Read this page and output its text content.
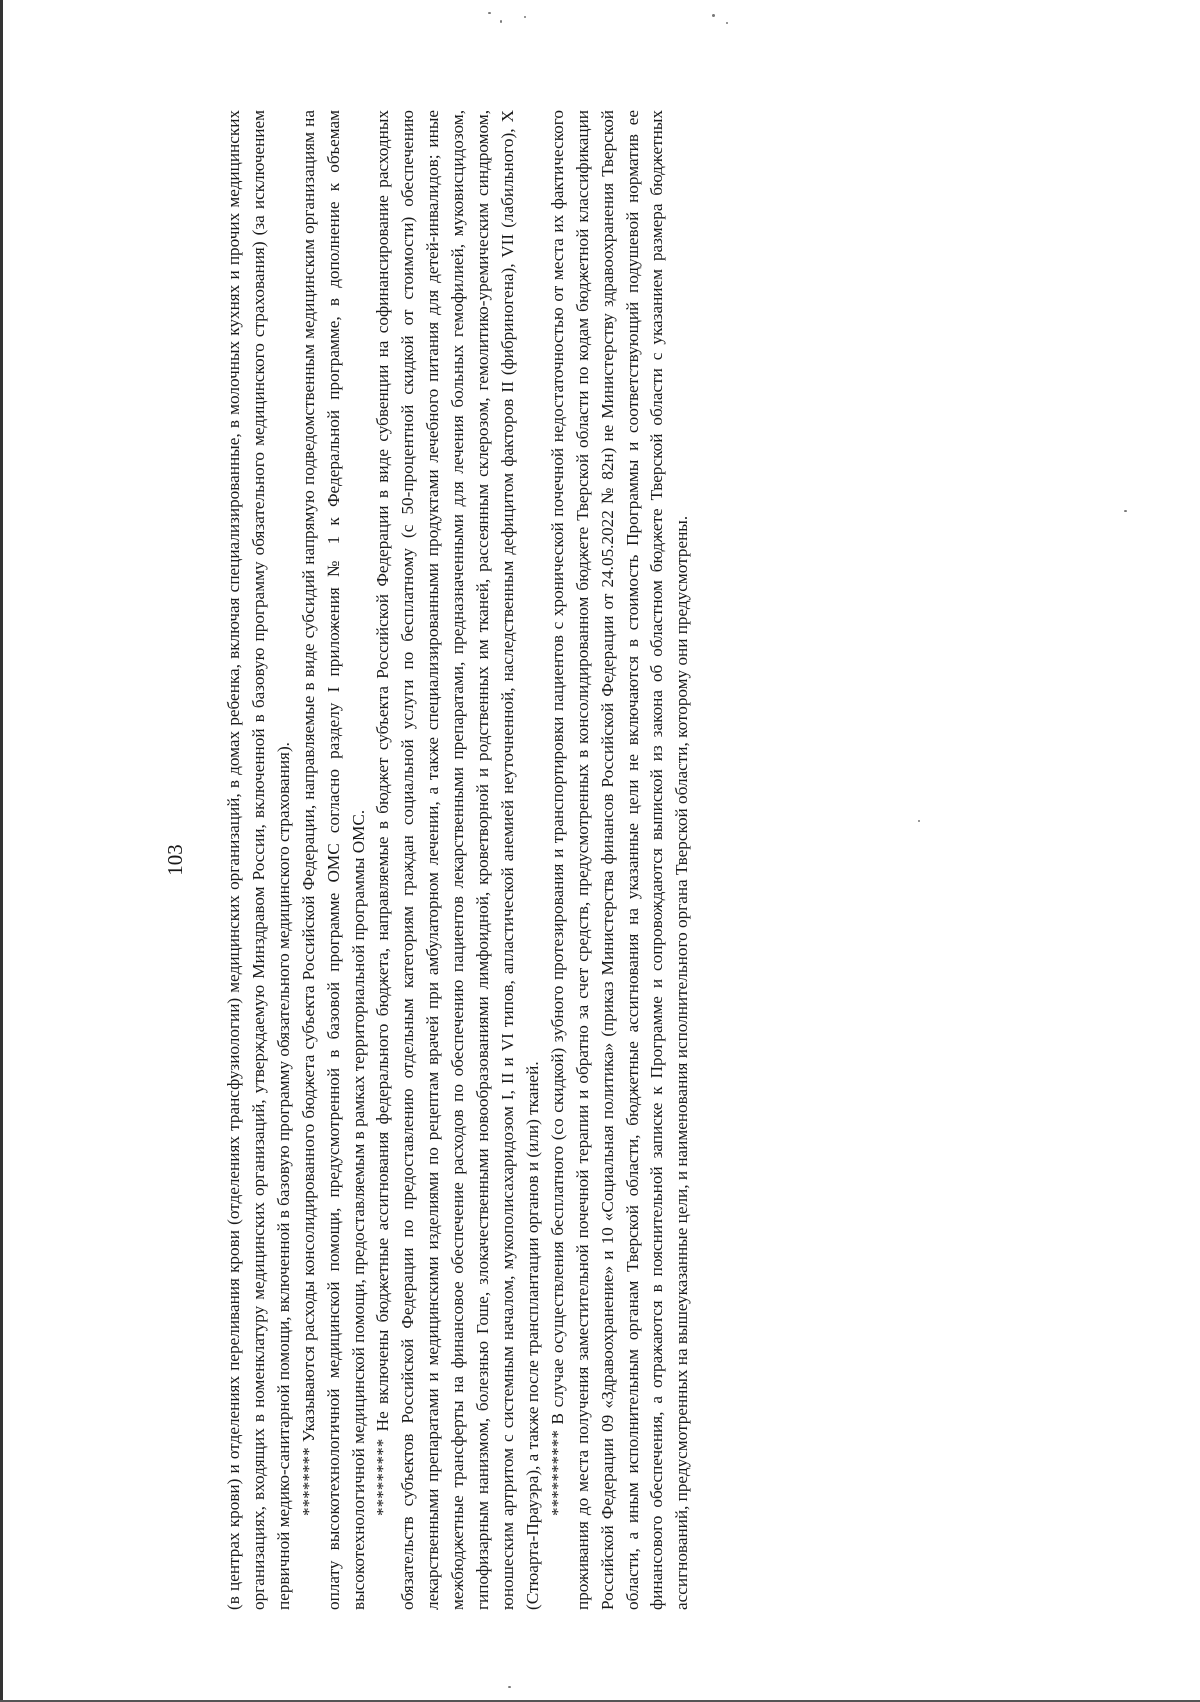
103 (в центрах крови) и отделениях переливания крови (отделениях трансфузиологии) медицинских организаций, в домах ребенка, включая специализированные, в молочных кухнях и прочих медицинских организациях, входящих в номенклатуру медицинских организаций, утверждаемую Минздравом России, включенной в базовую программу обязательного медицинского страхования) (за исключением первичной медико-санитарной помощи, включенной в базовую программу обязательного медицинского страхования). ******** Указываются расходы консолидированного бюджета субъекта Российской Федерации, направляемые в виде субсидий напрямую подведомственным медицинским организациям на оплату высокотехнологичной медицинской помощи, предусмотренной в базовой программе ОМС согласно разделу I приложения № 1 к Федеральной программе, в дополнение к объемам высокотехнологичной медицинской помощи, предоставляемым в рамках территориальной программы ОМС. ********* Не включены бюджетные ассигнования федерального бюджета, направляемые в бюджет субъекта Российской Федерации в виде субвенции на софинансирование расходных обязательств субъектов Российской Федерации по предоставлению отдельным категориям граждан социальной услуги по бесплатному (с 50-процентной скидкой от стоимости) обеспечению лекарственными препаратами и медицинскими изделиями по рецептам врачей при амбулаторном лечении, а также специализированными продуктами лечебного питания для детей-инвалидов; иные межбюджетные трансферты на финансовое обеспечение расходов по обеспечению пациентов лекарственными препаратами, предназначенными для лечения больных гемофилией, муковисцидозом, гипофизарным нанизмом, болезнью Гоше, злокачественными новообразованиями лимфоидной, кроветворной и родственных им тканей, рассеянным склерозом, гемолитико-уремическим синдромом, юношеским артритом с системным началом, мукополисахаридозом I, II и VI типов, апластической анемией неуточненной, наследственным дефицитом факторов II (фибриногена), VII (лабильного), X (Стюарта-Прауэра), а также после трансплантации органов и (или) тканей. ********** В случае осуществления бесплатного (со скидкой) зубного протезирования и транспортировки пациентов с хронической почечной недостаточностью от места их фактического проживания до места получения заместительной почечной терапии и обратно за счет средств, предусмотренных в консолидированном бюджете Тверской области по кодам бюджетной классификации Российской Федерации 09 «Здравоохранение» и 10 «Социальная политика» (приказ Министерства финансов Российской Федерации от 24.05.2022 № 82н) не Министерству здравоохранения Тверской области, а иным исполнительным органам Тверской области, бюджетные ассигнования на указанные цели не включаются в стоимость Программы и соответствующий подушевой норматив ее финансового обеспечения, а отражаются в пояснительной записке к Программе и сопровождаются выпиской из закона об областном бюджете Тверской области с указанием размера бюджетных ассигнований, предусмотренных на вышеуказанные цели, и наименования исполнительного органа Тверской области, которому они предусмотрены.
